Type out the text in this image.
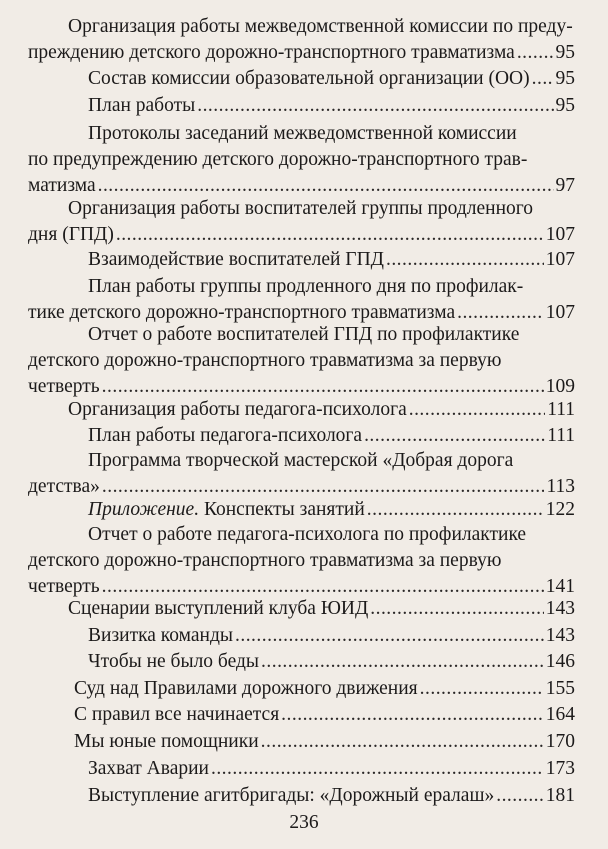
Организация работы межведомственной комиссии по преду-
преждению детского дорожно-транспортного травматизма . . . 95
Состав комиссии образовательной организации (ОО) . . . 95
План работы . . .	95
Протоколы заседаний межведомственной комиссии
по предупреждению детского дорожно-транспортного трав-
матизма . . .	97
Организация работы воспитателей группы продленного
дня (ГПД) . . .	107
Взаимодействие воспитателей ГПД . . .	107
План работы группы продленного дня по профилак-
тике детского дорожно-транспортного травматизма . . .	107
Отчет о работе воспитателей ГПД по профилактике
детского дорожно-транспортного травматизма за первую
четверть . . .	109
Организация работы педагога-психолога . . .	111
План работы педагога-психолога . . .	111
Программа творческой мастерской «Добрая дорога
детства» . . .	113
Приложение. Конспекты занятий . . .	122
Отчет о работе педагога-психолога по профилактике
детского дорожно-транспортного травматизма за первую
четверть . . .	141
Сценарии выступлений клуба ЮИД . . .	143
Визитка команды . . .	143
Чтобы не было беды . . .	146
Суд над Правилами дорожного движения . . .	155
С правил все начинается . . .	164
Мы юные помощники . . .	170
Захват Аварии . . .	173
Выступление агитбригады: «Дорожный ералаш» . . .	181
236
